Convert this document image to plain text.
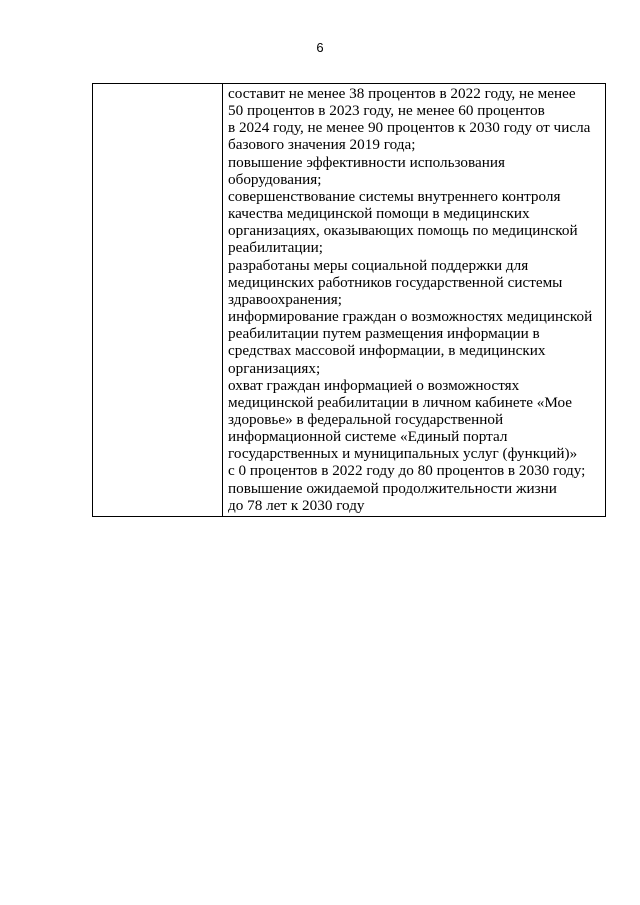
6

составит не менее 38 процентов в 2022 году, не менее
50 процентов в 2023 году, не менее 60 процентов
в 2024 году, не менее 90 процентов к 2030 году от числа
базового значения 2019 года;
повышение эффективности использования
оборудования;
совершенствование системы внутреннего контроля
качества медицинской помощи в медицинских
организациях, оказывающих помощь по медицинской
реабилитации;
разработаны меры социальной поддержки для
медицинских работников государственной системы
здравоохранения;
информирование граждан о возможностях медицинской
реабилитации путем размещения информации в
средствах массовой информации, в медицинских
организациях;
охват граждан информацией о возможностях
медицинской реабилитации в личном кабинете «Мое
здоровье» в федеральной государственной
информационной системе «Единый портал
государственных и муниципальных услуг (функций)»
с 0 процентов в 2022 году до 80 процентов в 2030 году;
повышение ожидаемой продолжительности жизни
до 78 лет к 2030 году
